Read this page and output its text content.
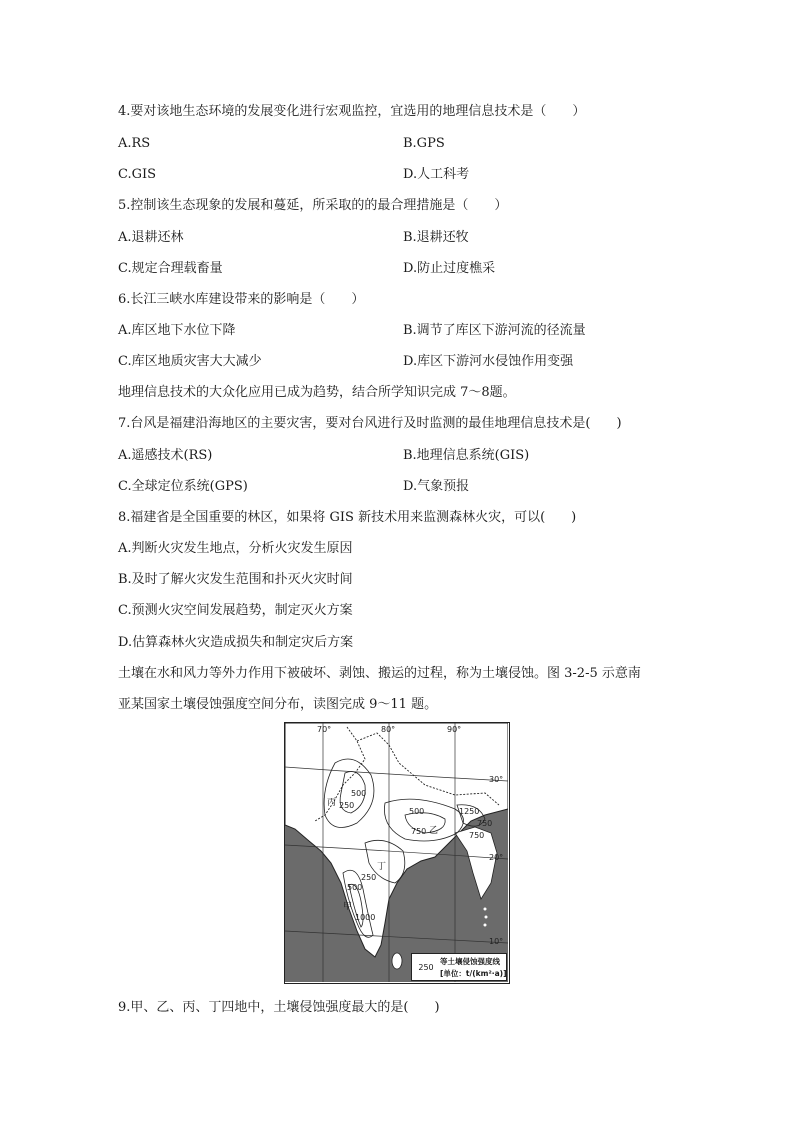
4.要对该地生态环境的发展变化进行宏观监控，宜选用的地理信息技术是（　　）
A.RS	B.GPS
C.GIS	D.人工科考
5.控制该生态现象的发展和蔓延，所采取的的最合理措施是（　　）
A.退耕还林	B.退耕还牧
C.规定合理载畜量	D.防止过度樵采
6.长江三峡水库建设带来的影响是（　　）
A.库区地下水位下降	B.调节了库区下游河流的径流量
C.库区地质灾害大大减少	D.库区下游河水侵蚀作用变强
地理信息技术的大众化应用已成为趋势，结合所学知识完成 7～8题。
7.台风是福建沿海地区的主要灾害，要对台风进行及时监测的最佳地理信息技术是(　　)
A.遥感技术(RS)	B.地理信息系统(GIS)
C.全球定位系统(GPS)	D.气象预报
8.福建省是全国重要的林区，如果将 GIS 新技术用来监测森林火灾，可以(　　)
A.判断火灾发生地点，分析火灾发生原因
B.及时了解火灾发生范围和扑灭火灾时间
C.预测火灾空间发展趋势，制定灭火方案
D.估算森林火灾造成损失和制定灾后方案
土壤在水和风力等外力作用下被破坏、剥蚀、搬运的过程，称为土壤侵蚀。图 3-2-5 示意南
亚某国家土壤侵蚀强度空间分布，读图完成 9～11 题。
70°	80°	90°
30°
20°
10°
丙
乙
丁
甲
250
500
500
750
1250
750
750
250
500
1000
250
等土壤侵蚀强度线
[单位：t/(km²·a)]
9.甲、乙、丙、丁四地中，土壤侵蚀强度最大的是(　　)
